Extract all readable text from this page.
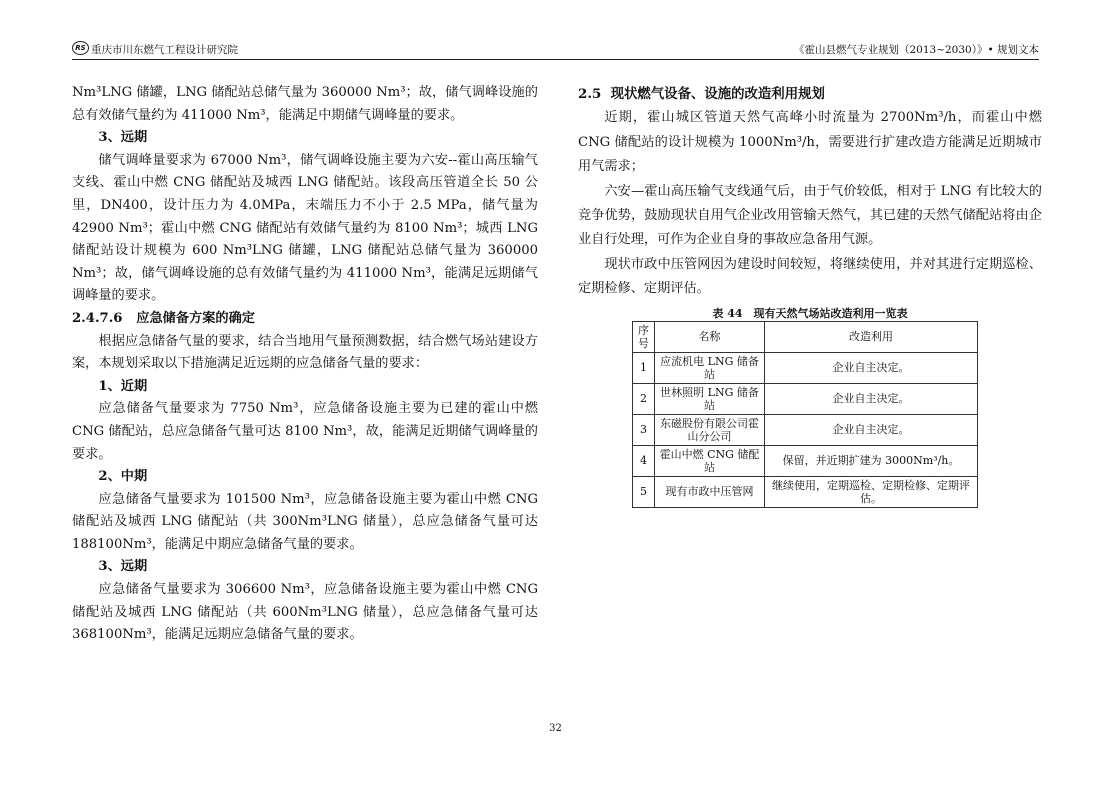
RS 重庆市川东燃气工程设计研究院	《霍山县燃气专业规划（2013~2030）》• 规划文本

Nm³LNG 储罐，LNG 储配站总储气量为 360000 Nm³；故，储气调峰设施的总有效储气量约为 411000 Nm³，能满足中期储气调峰量的要求。

3、远期

储气调峰量要求为 67000 Nm³，储气调峰设施主要为六安--霍山高压输气支线、霍山中燃 CNG 储配站及城西 LNG 储配站。该段高压管道全长 50 公里，DN400，设计压力为 4.0MPa，末端压力不小于 2.5 MPa，储气量为 42900 Nm³；霍山中燃 CNG 储配站有效储气量约为 8100 Nm³；城西 LNG 储配站设计规模为 600 Nm³LNG 储罐，LNG 储配站总储气量为 360000 Nm³；故，储气调峰设施的总有效储气量约为 411000 Nm³，能满足远期储气调峰量的要求。

2.4.7.6 应急储备方案的确定

根据应急储备气量的要求，结合当地用气量预测数据，结合燃气场站建设方案，本规划采取以下措施满足近远期的应急储备气量的要求：

1、近期

应急储备气量要求为 7750 Nm³，应急储备设施主要为已建的霍山中燃 CNG 储配站，总应急储备气量可达 8100 Nm³，故，能满足近期储气调峰量的要求。

2、中期

应急储备气量要求为 101500 Nm³，应急储备设施主要为霍山中燃 CNG 储配站及城西 LNG 储配站（共 300Nm³LNG 储量），总应急储备气量可达 188100Nm³，能满足中期应急储备气量的要求。

3、远期

应急储备气量要求为 306600 Nm³，应急储备设施主要为霍山中燃 CNG 储配站及城西 LNG 储配站（共 600Nm³LNG 储量），总应急储备气量可达 368100Nm³，能满足远期应急储备气量的要求。

2.5 现状燃气设备、设施的改造利用规划

近期，霍山城区管道天然气高峰小时流量为 2700Nm³/h，而霍山中燃 CNG 储配站的设计规模为 1000Nm³/h，需要进行扩建改造方能满足近期城市用气需求；

六安—霍山高压输气支线通气后，由于气价较低，相对于 LNG 有比较大的竞争优势，鼓励现状自用气企业改用管输天然气，其已建的天然气储配站将由企业自行处理，可作为企业自身的事故应急备用气源。

现状市政中压管网因为建设时间较短，将继续使用，并对其进行定期巡检、定期检修、定期评估。

表 44　现有天然气场站改造利用一览表
序号	名称	改造利用
1	应流机电 LNG 储备站	企业自主决定。
2	世林照明 LNG 储备站	企业自主决定。
3	东磁股份有限公司霍山分公司	企业自主决定。
4	霍山中燃 CNG 储配站	保留，并近期扩建为 3000Nm³/h。
5	现有市政中压管网	继续使用，定期巡检、定期检修、定期评估。
32
